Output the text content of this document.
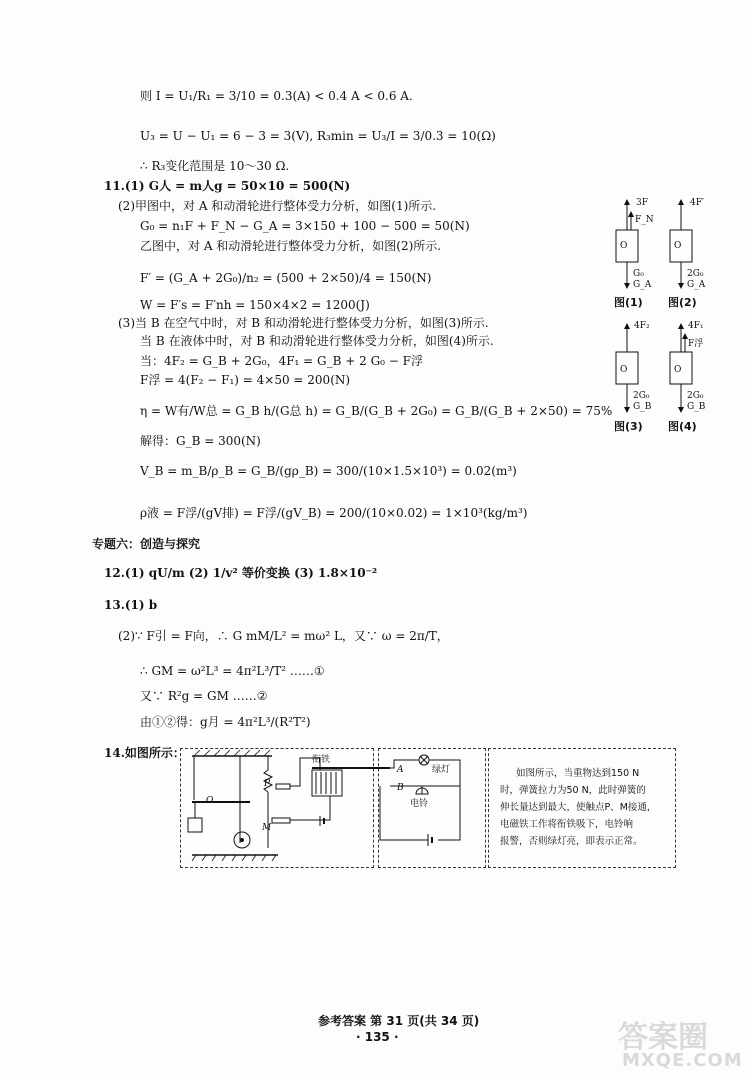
则 I = U₁/R₁ = 3/10 = 0.3(A) < 0.4 A < 0.6 A.
U₃ = U − U₁ = 6 − 3 = 3(V), R₃min = U₃/I = 3/0.3 = 10(Ω)
∴ R₃变化范围是 10～30 Ω.
11.(1) G人 = m人g = 50×10 = 500(N)
(2)甲图中，对 A 和动滑轮进行整体受力分析，如图(1)所示.
G₀ = n₁F + F_N − G_A = 3×150 + 100 − 500 = 50(N)
乙图中，对 A 和动滑轮进行整体受力分析，如图(2)所示.
F′ = (G_A + 2G₀)/n₂ = (500 + 2×50)/4 = 150(N)
W = F′s = F′nh = 150×4×2 = 1200(J)
(3)当 B 在空气中时，对 B 和动滑轮进行整体受力分析，如图(3)所示.
当 B 在液体中时，对 B 和动滑轮进行整体受力分析，如图(4)所示.
当：4F₂ = G_B + 2G₀，4F₁ = G_B + 2 G₀ − F浮
F浮 = 4(F₂ − F₁) = 4×50 = 200(N)
η = W有/W总 = G_B h/(G总 h) = G_B/(G_B + 2G₀) = G_B/(G_B + 2×50) = 75%
解得：G_B = 300(N)
V_B = m_B/ρ_B = G_B/(gρ_B) = 300/(10×1.5×10³) = 0.02(m³)
ρ液 = F浮/(gV排) = F浮/(gV_B) = 200/(10×0.02) = 1×10³(kg/m³)
专题六：创造与探究
12.(1) qU/m (2) 1/v² 等价变换 (3) 1.8×10⁻²
13.(1) b
(2)∵ F引 = F向，∴ G mM/L² = mω² L，又∵ ω = 2π/T，
∴ GM = ω²L³ = 4π²L³/T² ……①
又∵ R²g = GM ……②
由①②得：g月 = 4π²L³/(R²T²)
14.如图所示：
3F
F_N
O
G₀
G_A
图(1)
4F′
O
2G₀
G_A
图(2)
4F₂
O
2G₀
G_B
图(3)
4F₁
F浮
O
2G₀
G_B
图(4)
衔铁
绿灯
电铃
A
B
P
M
O
如图所示，当重物达到150 N
时，弹簧拉力为50 N，此时弹簧的
伸长量达到最大，使触点P、M接通，
电磁铁工作将衔铁吸下，电铃响
报警，否则绿灯亮，即表示正常。
参考答案 第 31 页(共 34 页)
· 135 ·	答案圈
MXQE.COM
